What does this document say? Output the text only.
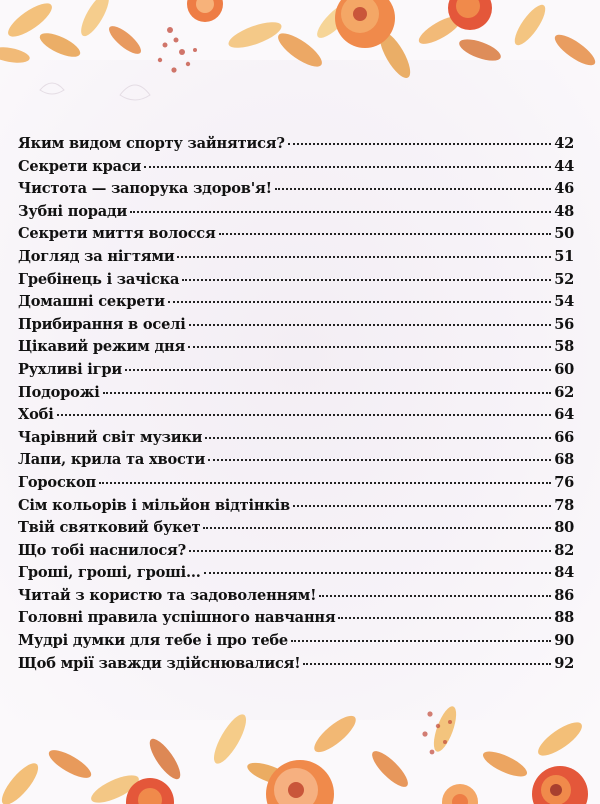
Яким видом спорту зайнятися?	42
Секрети краси	44
Чистота — запорука здоров'я!	46
Зубні поради	48
Секрети миття волосся	50
Догляд за нігтями	51
Гребінець і зачіска	52
Домашні секрети	54
Прибирання в оселі	56
Цікавий режим дня	58
Рухливі ігри	60
Подорожі	62
Хобі	64
Чарівний світ музики	66
Лапи, крила та хвости	68
Гороскоп	76
Сім кольорів і мільйон відтінків	78
Твій святковий букет	80
Що тобі наснилося?	82
Гроші, гроші, гроші...	84
Читай з користю та задоволенням!	86
Головні правила успішного навчання	88
Мудрі думки для тебе і про тебе	90
Щоб мрії завжди здійснювалися!	92
